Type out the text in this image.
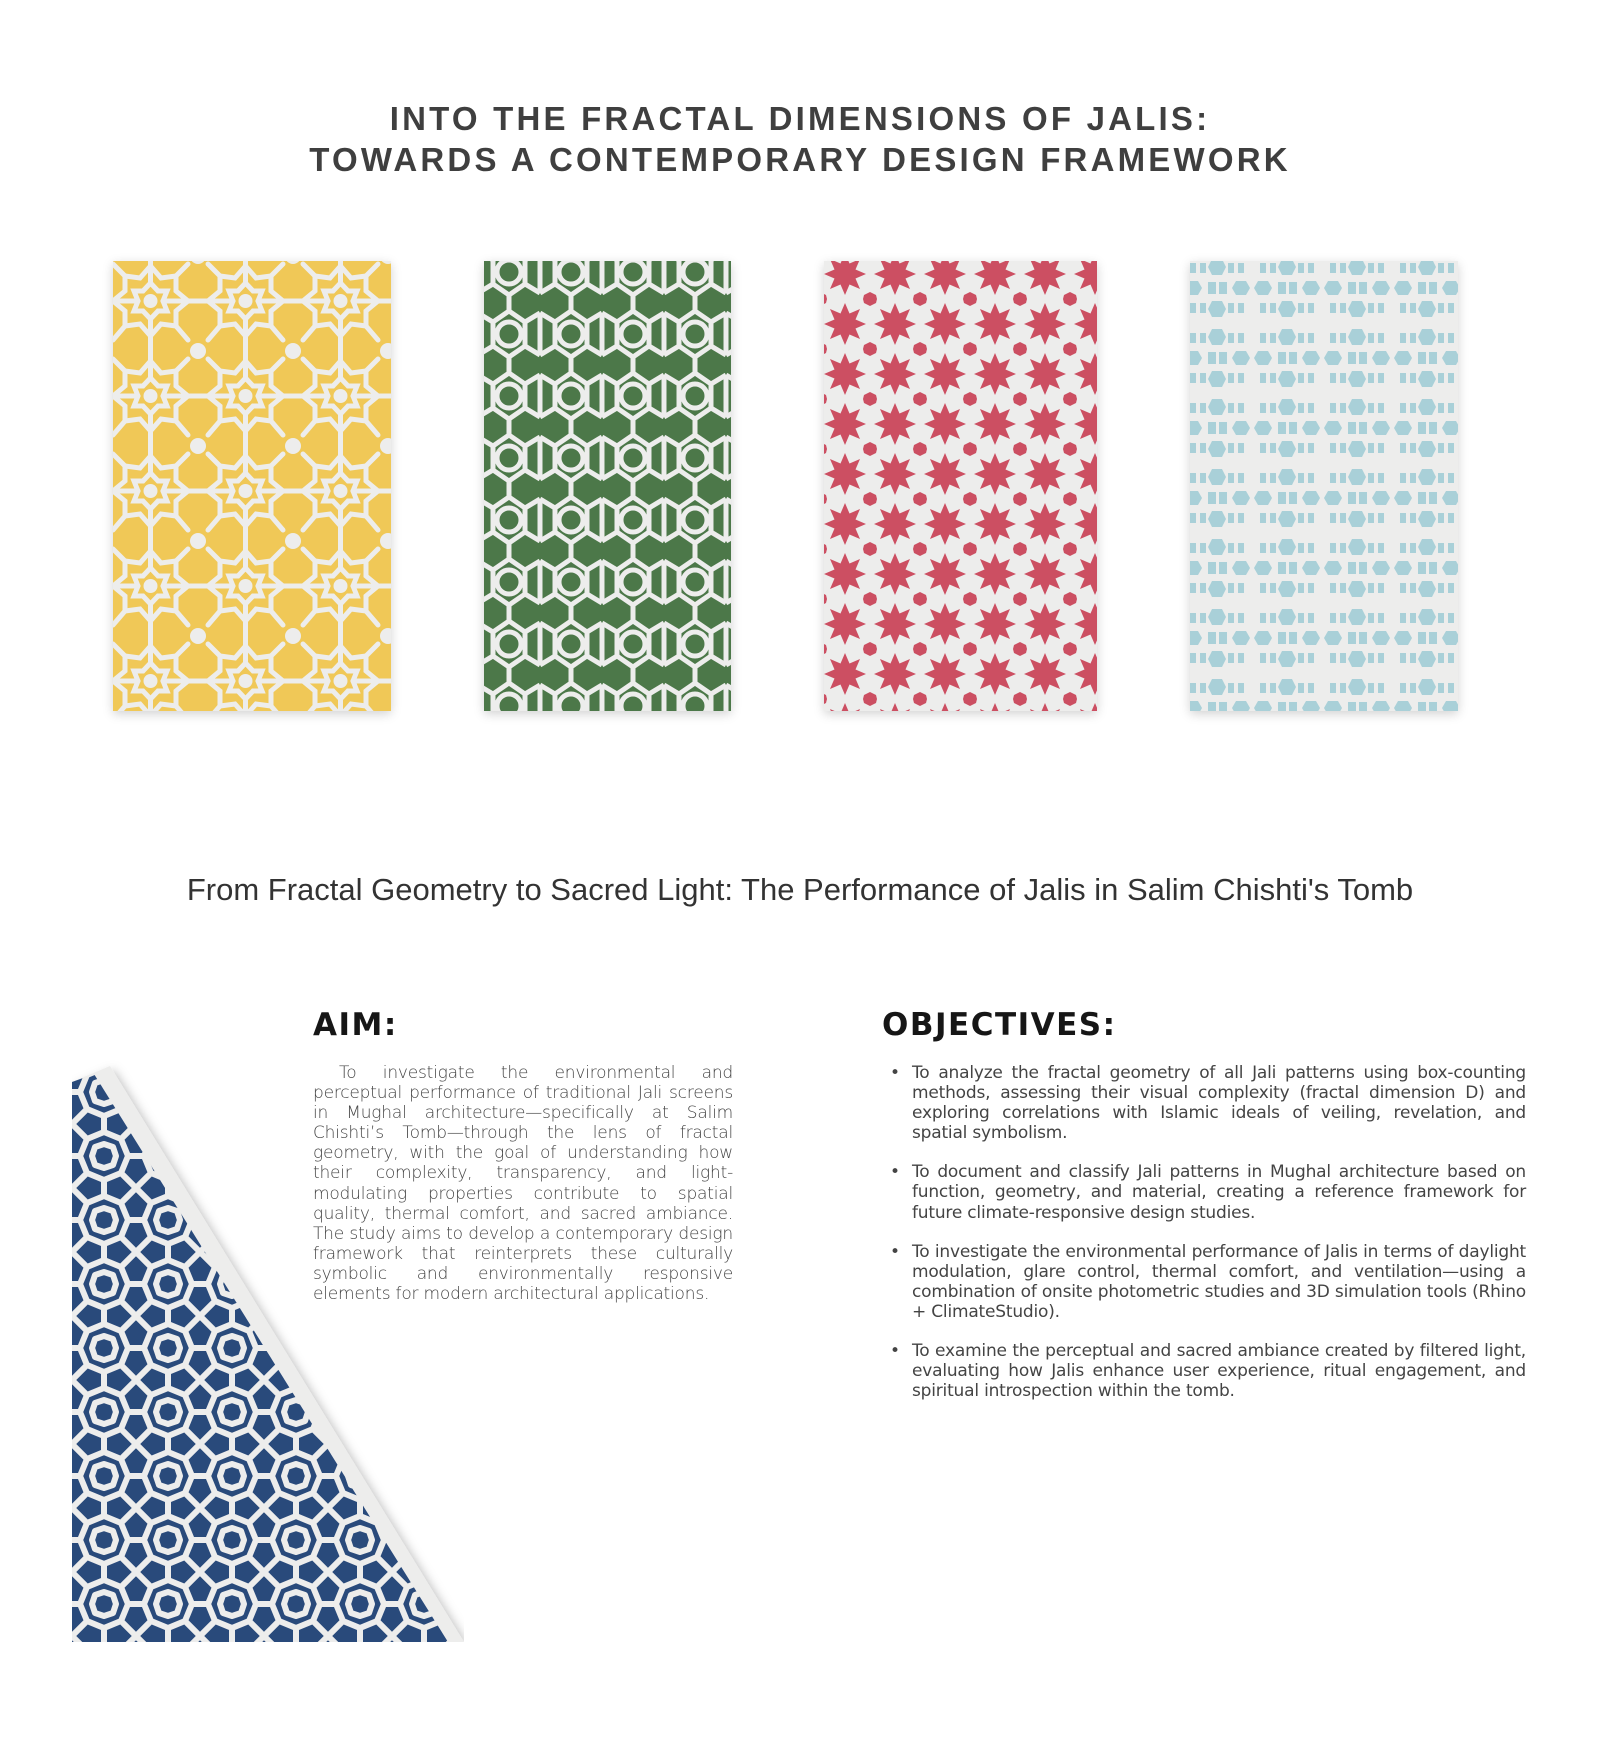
INTO THE FRACTAL DIMENSIONS OF JALIS:
TOWARDS A CONTEMPORARY DESIGN FRAMEWORK
From Fractal Geometry to Sacred Light: The Performance of Jalis in Salim Chishti's Tomb
AIM:

To investigate the environmental and perceptual performance of traditional Jali screens in Mughal architecture—specifically at Salim Chishti’s Tomb—through the lens of fractal geometry, with the goal of understanding how their complexity, transparency, and light-modulating properties contribute to spatial quality, thermal comfort, and sacred ambiance. The study aims to develop a contemporary design framework that reinterprets these culturally symbolic and environmentally responsive elements for modern architectural applications.

OBJECTIVES:
• To analyze the fractal geometry of all Jali patterns using box-counting methods, assessing their visual complexity (fractal dimension D) and exploring correlations with Islamic ideals of veiling, revelation, and spatial symbolism.
• To document and classify Jali patterns in Mughal architecture based on function, geometry, and material, creating a reference framework for future climate-responsive design studies.
• To investigate the environmental performance of Jalis in terms of daylight modulation, glare control, thermal comfort, and ventilation—using a combination of onsite photometric studies and 3D simulation tools (Rhino + ClimateStudio).
• To examine the perceptual and sacred ambiance created by filtered light, evaluating how Jalis enhance user experience, ritual engagement, and spiritual introspection within the tomb.
